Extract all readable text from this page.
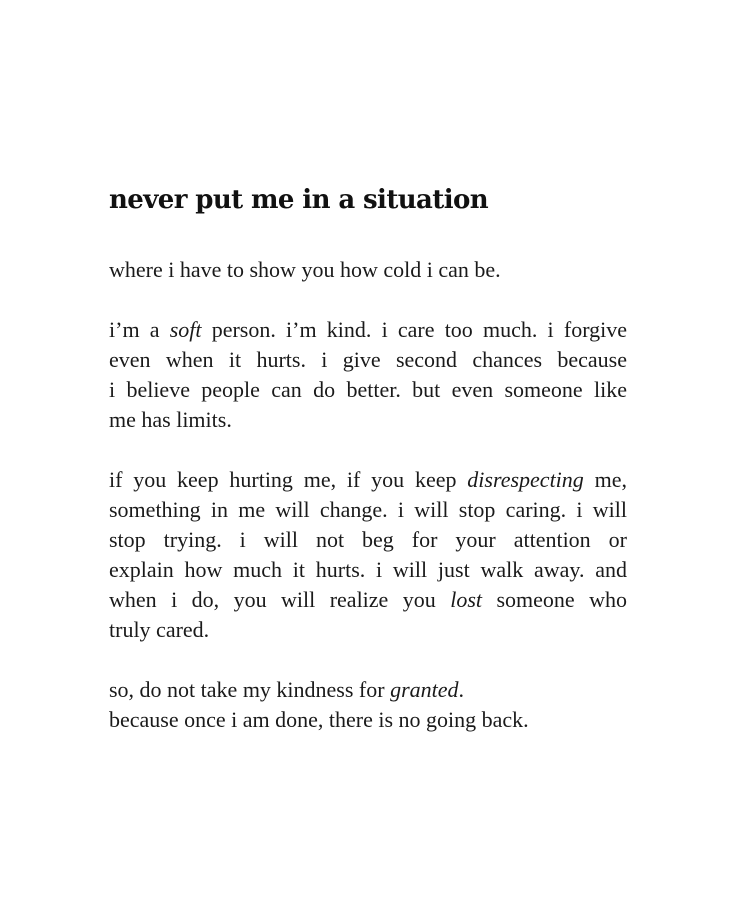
never put me in a situation
where i have to show you how cold i can be.
i’m a soft person. i’m kind. i care too much. i forgive
even when it hurts. i give second chances because
i believe people can do better. but even someone like
me has limits.
if you keep hurting me, if you keep disrespecting me,
something in me will change. i will stop caring. i will
stop trying. i will not beg for your attention or
explain how much it hurts. i will just walk away. and
when i do, you will realize you lost someone who
truly cared.
so, do not take my kindness for granted.
because once i am done, there is no going back.
